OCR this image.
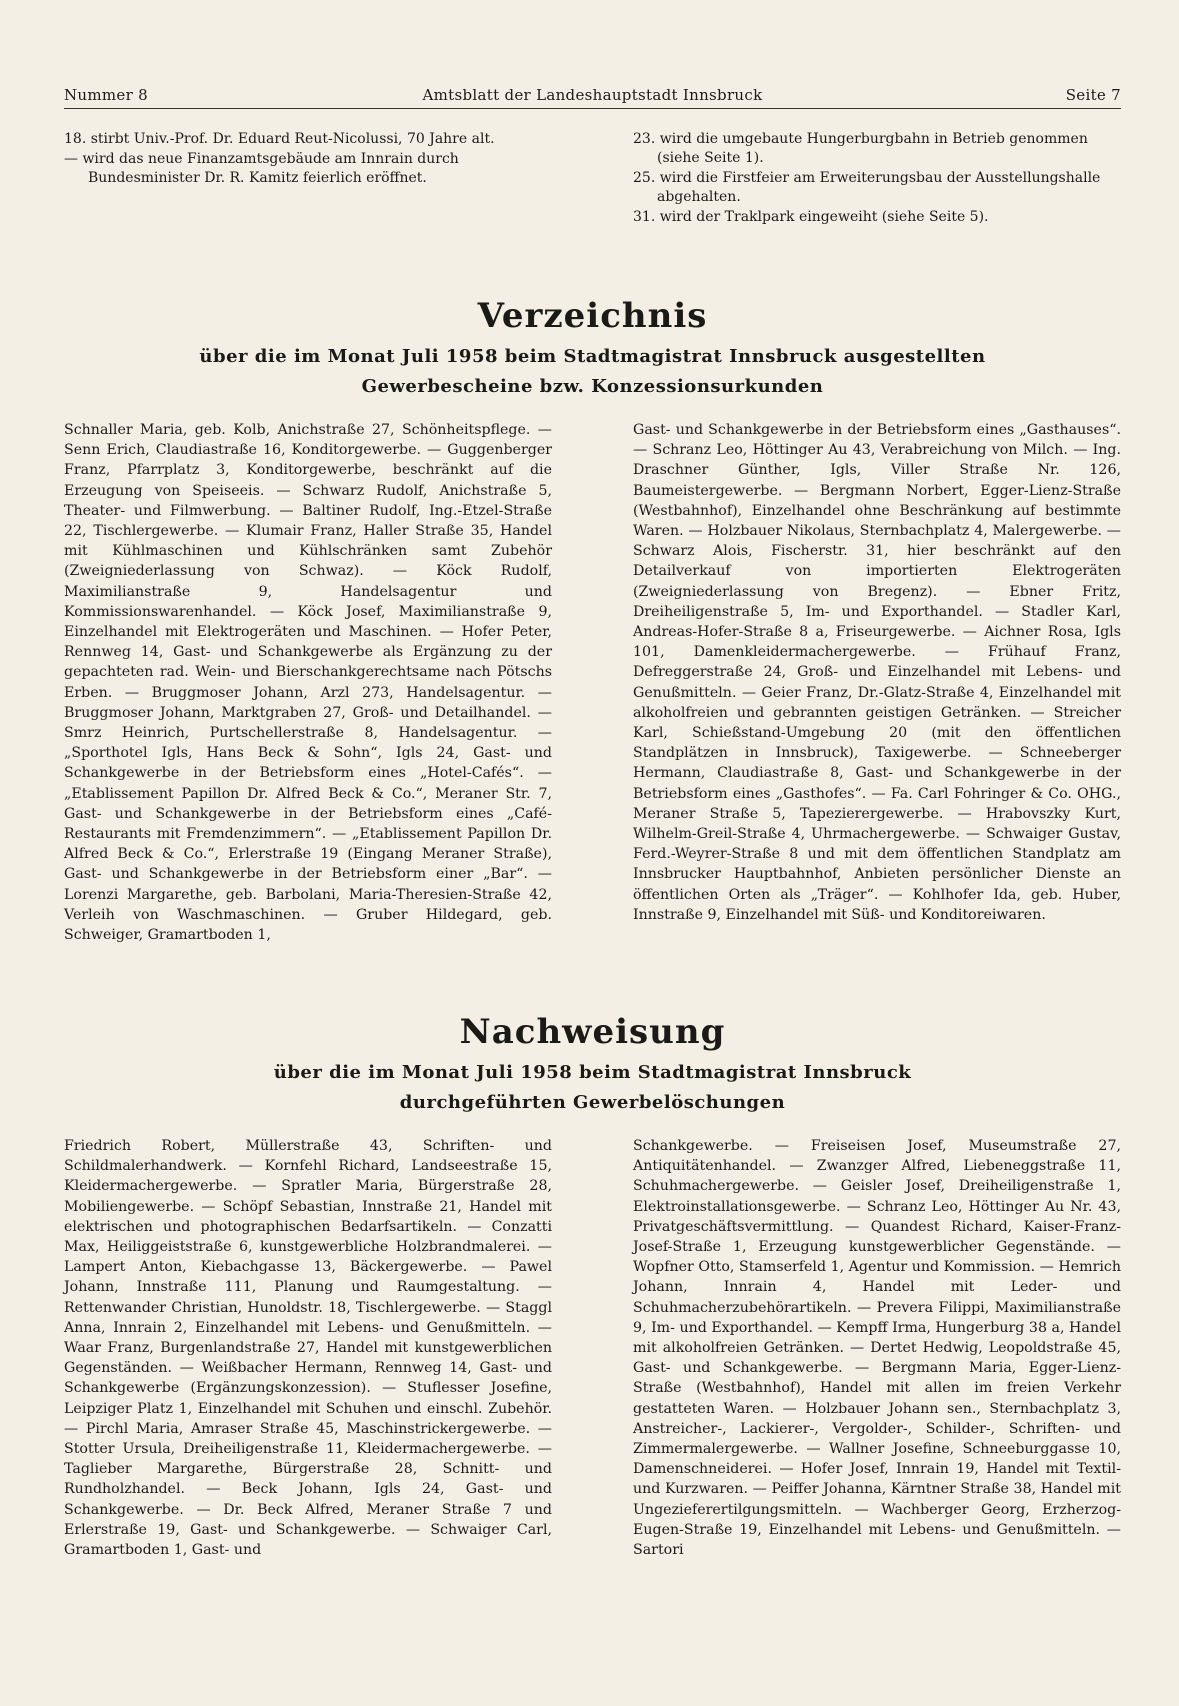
Nummer 8	Amtsblatt der Landeshauptstadt Innsbruck	Seite 7

18. stirbt Univ.-Prof. Dr. Eduard Reut-Nicolussi, 70 Jahre alt.

— wird das neue Finanzamtsgebäude am Innrain durch Bundesminister Dr. R. Kamitz feierlich eröffnet.

23. wird die umgebaute Hungerburgbahn in Betrieb genommen (siehe Seite 1).

25. wird die Firstfeier am Erweiterungsbau der Ausstellungshalle abgehalten.

31. wird der Traklpark eingeweiht (siehe Seite 5).

Verzeichnis
über die im Monat Juli 1958 beim Stadtmagistrat Innsbruck ausgestellten
Gewerbescheine bzw. Konzessionsurkunden

Schnaller Maria, geb. Kolb, Anichstraße 27, Schönheitspflege. — Senn Erich, Claudiastraße 16, Konditorgewerbe. — Guggenberger Franz, Pfarrplatz 3, Konditorgewerbe, beschränkt auf die Erzeugung von Speiseeis. — Schwarz Rudolf, Anichstraße 5, Theater- und Filmwerbung. — Baltiner Rudolf, Ing.-Etzel-Straße 22, Tischlergewerbe. — Klumair Franz, Haller Straße 35, Handel mit Kühlmaschinen und Kühlschränken samt Zubehör (Zweigniederlassung von Schwaz). — Köck Rudolf, Maximilianstraße 9, Handelsagentur und Kommissionswarenhandel. — Köck Josef, Maximilianstraße 9, Einzelhandel mit Elektrogeräten und Maschinen. — Hofer Peter, Rennweg 14, Gast- und Schankgewerbe als Ergänzung zu der gepachteten rad. Wein- und Bierschankgerechtsame nach Pötschs Erben. — Bruggmoser Johann, Arzl 273, Handelsagentur. — Bruggmoser Johann, Marktgraben 27, Groß- und Detailhandel. — Smrz Heinrich, Purtschellerstraße 8, Handelsagentur. — „Sporthotel Igls, Hans Beck & Sohn“, Igls 24, Gast- und Schankgewerbe in der Betriebsform eines „Hotel-Cafés“. — „Etablissement Papillon Dr. Alfred Beck & Co.“, Meraner Str. 7, Gast- und Schankgewerbe in der Betriebsform eines „Café-Restaurants mit Fremdenzimmern“. — „Etablissement Papillon Dr. Alfred Beck & Co.“, Erlerstraße 19 (Eingang Meraner Straße), Gast- und Schankgewerbe in der Betriebsform einer „Bar“. — Lorenzi Margarethe, geb. Barbolani, Maria-Theresien-Straße 42, Verleih von Waschmaschinen. — Gruber Hildegard, geb. Schweiger, Gramartboden 1,

Gast- und Schankgewerbe in der Betriebsform eines „Gasthauses“. — Schranz Leo, Höttinger Au 43, Verabreichung von Milch. — Ing. Draschner Günther, Igls, Viller Straße Nr. 126, Baumeistergewerbe. — Bergmann Norbert, Egger-Lienz-Straße (Westbahnhof), Einzelhandel ohne Beschränkung auf bestimmte Waren. — Holzbauer Nikolaus, Sternbachplatz 4, Malergewerbe. — Schwarz Alois, Fischerstr. 31, hier beschränkt auf den Detailverkauf von importierten Elektrogeräten (Zweigniederlassung von Bregenz). — Ebner Fritz, Dreiheiligenstraße 5, Im- und Exporthandel. — Stadler Karl, Andreas-Hofer-Straße 8 a, Friseurgewerbe. — Aichner Rosa, Igls 101, Damenkleidermachergewerbe. — Frühauf Franz, Defreggerstraße 24, Groß- und Einzelhandel mit Lebens- und Genußmitteln. — Geier Franz, Dr.-Glatz-Straße 4, Einzelhandel mit alkoholfreien und gebrannten geistigen Getränken. — Streicher Karl, Schießstand-Umgebung 20 (mit den öffentlichen Standplätzen in Innsbruck), Taxigewerbe. — Schneeberger Hermann, Claudiastraße 8, Gast- und Schankgewerbe in der Betriebsform eines „Gasthofes“. — Fa. Carl Fohringer & Co. OHG., Meraner Straße 5, Tapezierergewerbe. — Hrabovszky Kurt, Wilhelm-Greil-Straße 4, Uhrmachergewerbe. — Schwaiger Gustav, Ferd.-Weyrer-Straße 8 und mit dem öffentlichen Standplatz am Innsbrucker Hauptbahnhof, Anbieten persönlicher Dienste an öffentlichen Orten als „Träger“. — Kohlhofer Ida, geb. Huber, Innstraße 9, Einzelhandel mit Süß- und Konditoreiwaren.

Nachweisung
über die im Monat Juli 1958 beim Stadtmagistrat Innsbruck
durchgeführten Gewerbelöschungen

Friedrich Robert, Müllerstraße 43, Schriften- und Schildmalerhandwerk. — Kornfehl Richard, Landseestraße 15, Kleidermachergewerbe. — Spratler Maria, Bürgerstraße 28, Mobiliengewerbe. — Schöpf Sebastian, Innstraße 21, Handel mit elektrischen und photographischen Bedarfsartikeln. — Conzatti Max, Heiliggeiststraße 6, kunstgewerbliche Holzbrandmalerei. — Lampert Anton, Kiebachgasse 13, Bäckergewerbe. — Pawel Johann, Innstraße 111, Planung und Raumgestaltung. — Rettenwander Christian, Hunoldstr. 18, Tischlergewerbe. — Staggl Anna, Innrain 2, Einzelhandel mit Lebens- und Genußmitteln. — Waar Franz, Burgenlandstraße 27, Handel mit kunstgewerblichen Gegenständen. — Weißbacher Hermann, Rennweg 14, Gast- und Schankgewerbe (Ergänzungskonzession). — Stuflesser Josefine, Leipziger Platz 1, Einzelhandel mit Schuhen und einschl. Zubehör. — Pirchl Maria, Amraser Straße 45, Maschinstrickergewerbe. — Stotter Ursula, Dreiheiligenstraße 11, Kleidermachergewerbe. — Taglieber Margarethe, Bürgerstraße 28, Schnitt- und Rundholzhandel. — Beck Johann, Igls 24, Gast- und Schankgewerbe. — Dr. Beck Alfred, Meraner Straße 7 und Erlerstraße 19, Gast- und Schankgewerbe. — Schwaiger Carl, Gramartboden 1, Gast- und

Schankgewerbe. — Freiseisen Josef, Museumstraße 27, Antiquitätenhandel. — Zwanzger Alfred, Liebeneggstraße 11, Schuhmachergewerbe. — Geisler Josef, Dreiheiligenstraße 1, Elektroinstallationsgewerbe. — Schranz Leo, Höttinger Au Nr. 43, Privatgeschäftsvermittlung. — Quandest Richard, Kaiser-Franz-Josef-Straße 1, Erzeugung kunstgewerblicher Gegenstände. — Wopfner Otto, Stamserfeld 1, Agentur und Kommission. — Hemrich Johann, Innrain 4, Handel mit Leder- und Schuhmacherzubehörartikeln. — Prevera Filippi, Maximilianstraße 9, Im- und Exporthandel. — Kempff Irma, Hungerburg 38 a, Handel mit alkoholfreien Getränken. — Dertet Hedwig, Leopoldstraße 45, Gast- und Schankgewerbe. — Bergmann Maria, Egger-Lienz-Straße (Westbahnhof), Handel mit allen im freien Verkehr gestatteten Waren. — Holzbauer Johann sen., Sternbachplatz 3, Anstreicher-, Lackierer-, Vergolder-, Schilder-, Schriften- und Zimmermalergewerbe. — Wallner Josefine, Schneeburggasse 10, Damenschneiderei. — Hofer Josef, Innrain 19, Handel mit Textil- und Kurzwaren. — Peiffer Johanna, Kärntner Straße 38, Handel mit Ungezieferertilgungsmitteln. — Wachberger Georg, Erzherzog-Eugen-Straße 19, Einzelhandel mit Lebens- und Genußmitteln. — Sartori
